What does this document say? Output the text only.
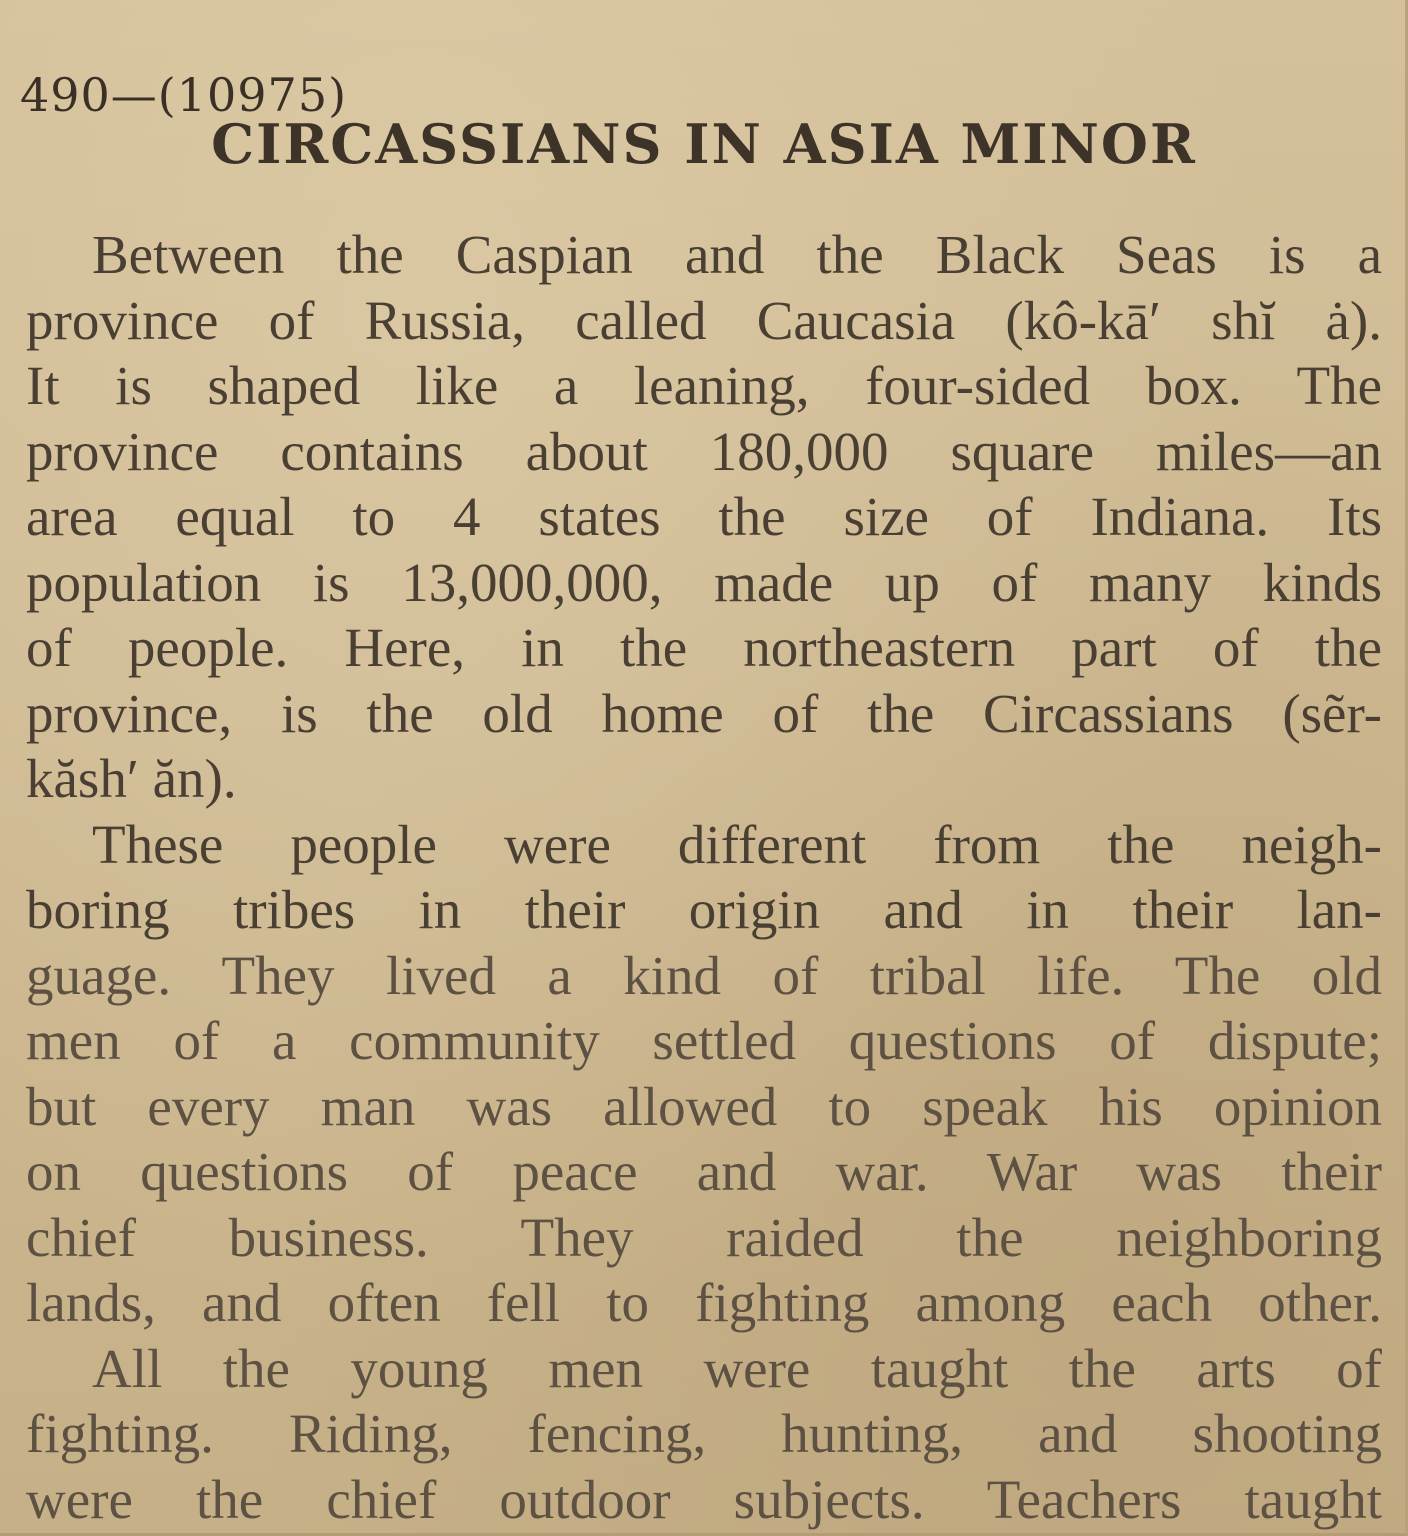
490—(10975)
CIRCASSIANS IN ASIA MINOR
Between the Caspian and the Black Seas is a
province of Russia, called Caucasia (kô-kā′ shĭ ȧ).
It is shaped like a leaning, four-sided box. The
province contains about 180,000 square miles—an
area equal to 4 states the size of Indiana. Its
population is 13,000,000, made up of many kinds
of people. Here, in the northeastern part of the
province, is the old home of the Circassians (sẽr-
kăsh′ ăn).
These people were different from the neigh-
boring tribes in their origin and in their lan-
guage. They lived a kind of tribal life. The old
men of a community settled questions of dispute;
but every man was allowed to speak his opinion
on questions of peace and war. War was their
chief business. They raided the neighboring
lands, and often fell to fighting among each other.
All the young men were taught the arts of
fighting. Riding, fencing, hunting, and shooting
were the chief outdoor subjects. Teachers taught
